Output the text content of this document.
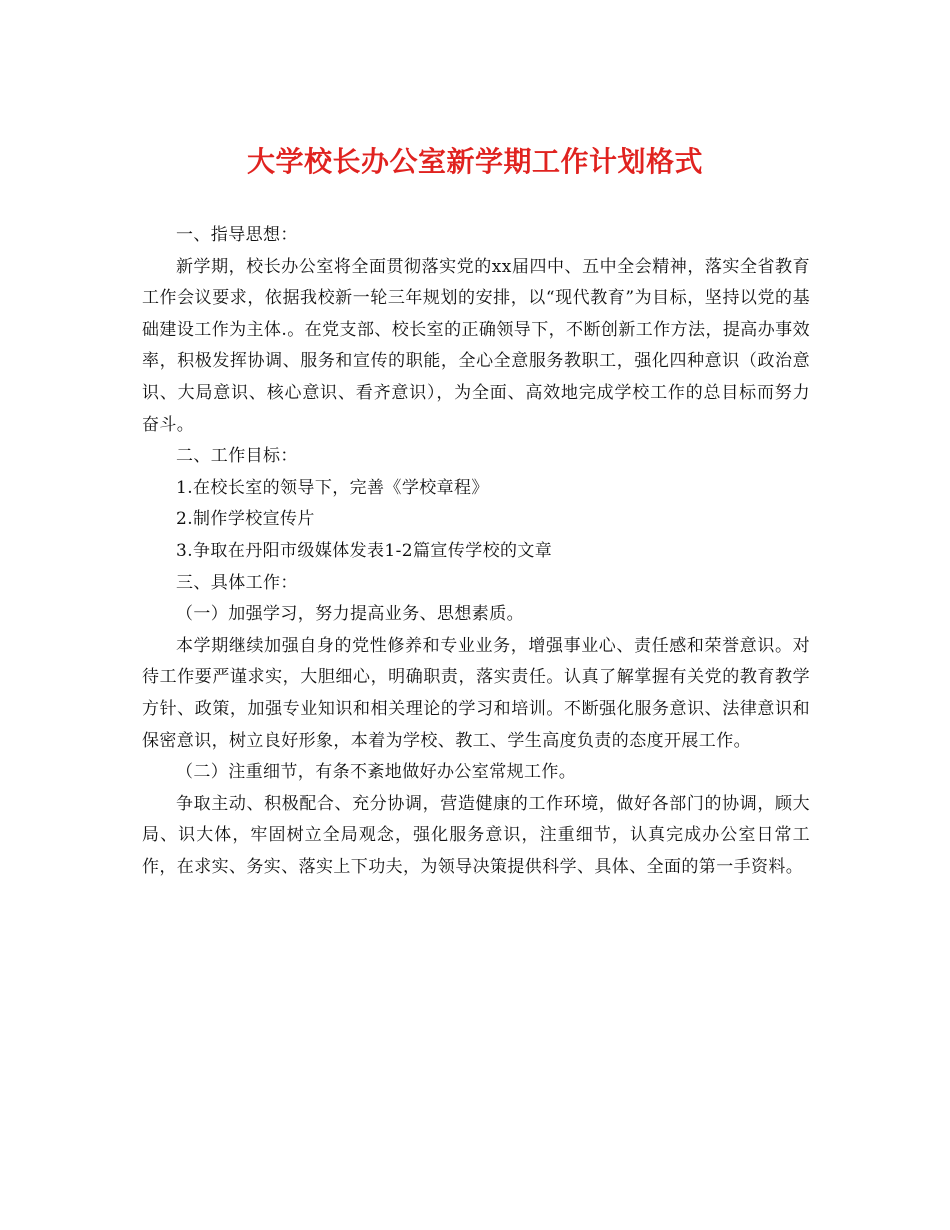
大学校长办公室新学期工作计划格式

一、指导思想：

新学期，校长办公室将全面贯彻落实党的xx届四中、五中全会精神，落实全省教育工作会议要求，依据我校新一轮三年规划的安排，以“现代教育”为目标，坚持以党的基础建设工作为主体.。在党支部、校长室的正确领导下，不断创新工作方法，提高办事效率，积极发挥协调、服务和宣传的职能，全心全意服务教职工，强化四种意识（政治意识、大局意识、核心意识、看齐意识），为全面、高效地完成学校工作的总目标而努力奋斗。

二、工作目标：

1.在校长室的领导下，完善《学校章程》

2.制作学校宣传片

3.争取在丹阳市级媒体发表1-2篇宣传学校的文章

三、具体工作：

（一）加强学习，努力提高业务、思想素质。

本学期继续加强自身的党性修养和专业业务，增强事业心、责任感和荣誉意识。对待工作要严谨求实，大胆细心，明确职责，落实责任。认真了解掌握有关党的教育教学方针、政策，加强专业知识和相关理论的学习和培训。不断强化服务意识、法律意识和保密意识，树立良好形象，本着为学校、教工、学生高度负责的态度开展工作。

（二）注重细节，有条不紊地做好办公室常规工作。

争取主动、积极配合、充分协调，营造健康的工作环境，做好各部门的协调，顾大局、识大体，牢固树立全局观念，强化服务意识，注重细节，认真完成办公室日常工作，在求实、务实、落实上下功夫，为领导决策提供科学、具体、全面的第一手资料。
